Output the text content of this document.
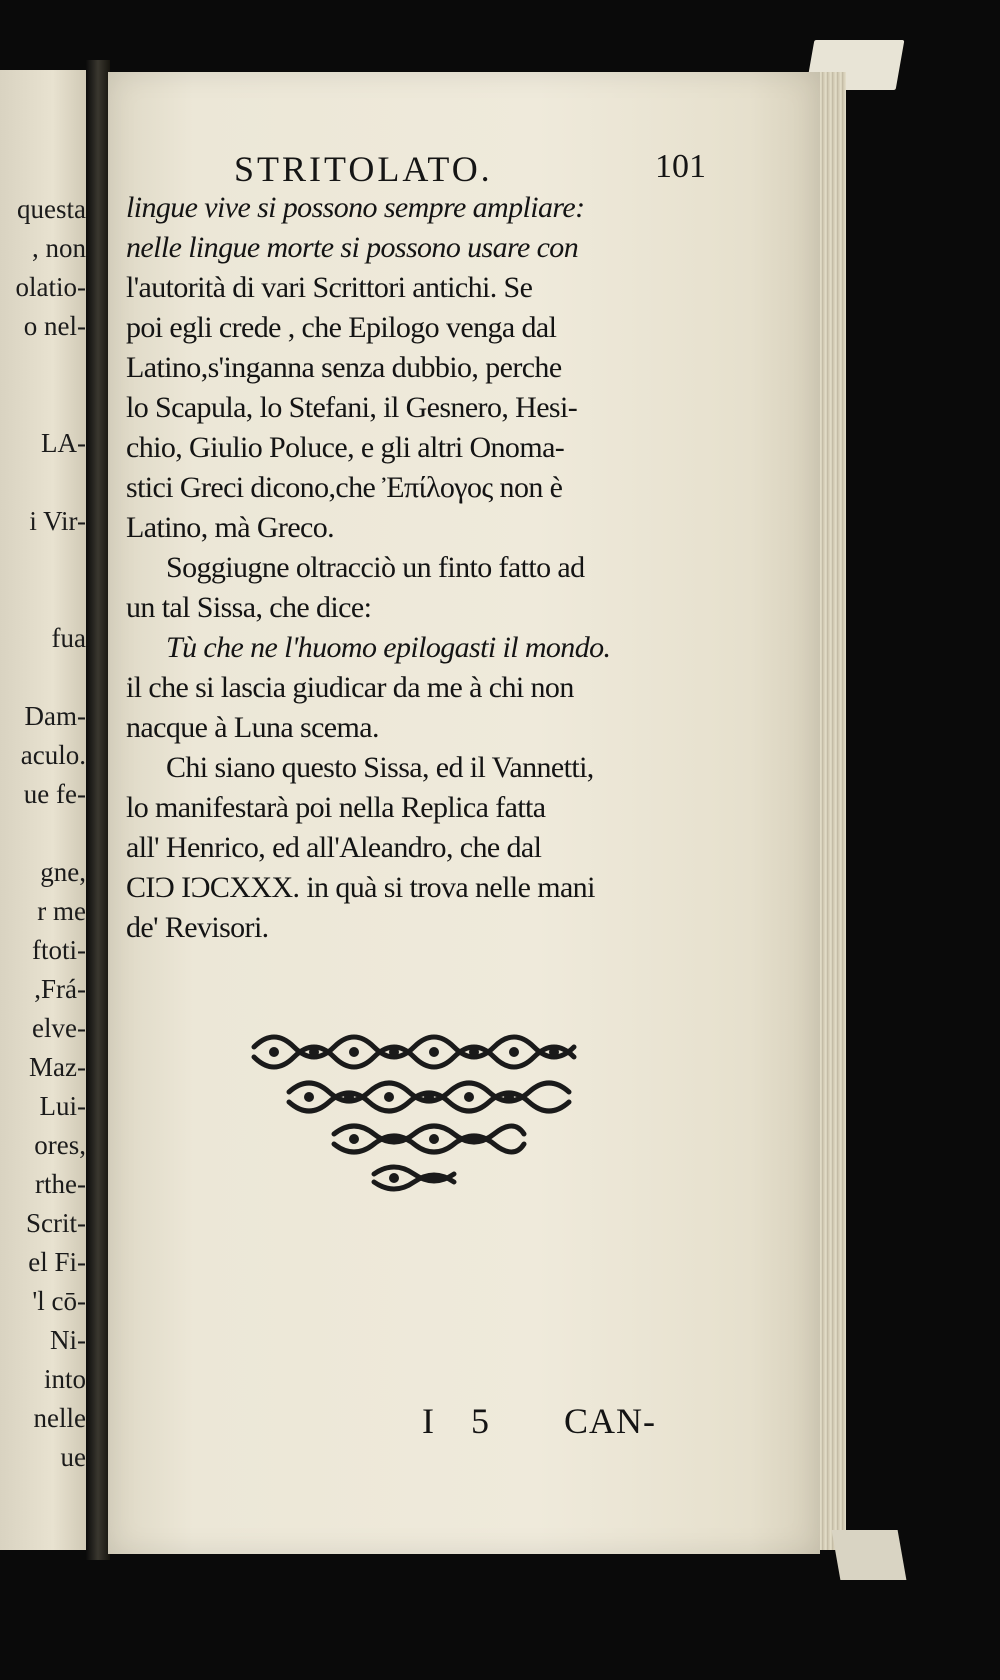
questa
, non
olatio-
o nel-
LA-
i Vir-
fua
Dam-
aculo.
ue fe-
gne,
r me
ftoti-
,Frá-
elve-
Maz-
Lui-
ores,
rthe-
Scrit-
el Fi-
'l cō-
Ni-
into
nelle
ue
STRITOLATO.	101
lingue vive si possono sempre ampliare:
nelle lingue morte si possono usare con
l'autorità di vari Scrittori antichi. Se
poi egli crede , che Epilogo venga dal
Latino,s'inganna senza dubbio, perche
lo Scapula, lo Stefani, il Gesnero, Hesi-
chio, Giulio Poluce, e gli altri Onoma-
stici Greci dicono,che Ἐπίλογος non è
Latino, mà Greco.
Soggiugne oltracciò un finto fatto ad
un tal Sissa, che dice:
Tù che ne l'huomo epilogasti il mondo.
il che si lascia giudicar da me à chi non
nacque à Luna scema.
Chi siano questo Sissa, ed il Vannetti,
lo manifestarà poi nella Replica fatta
all' Henrico, ed all'Aleandro, che dal
CIƆ IƆCXXX. in quà si trova nelle mani
de' Revisori.
I 5 CAN-
